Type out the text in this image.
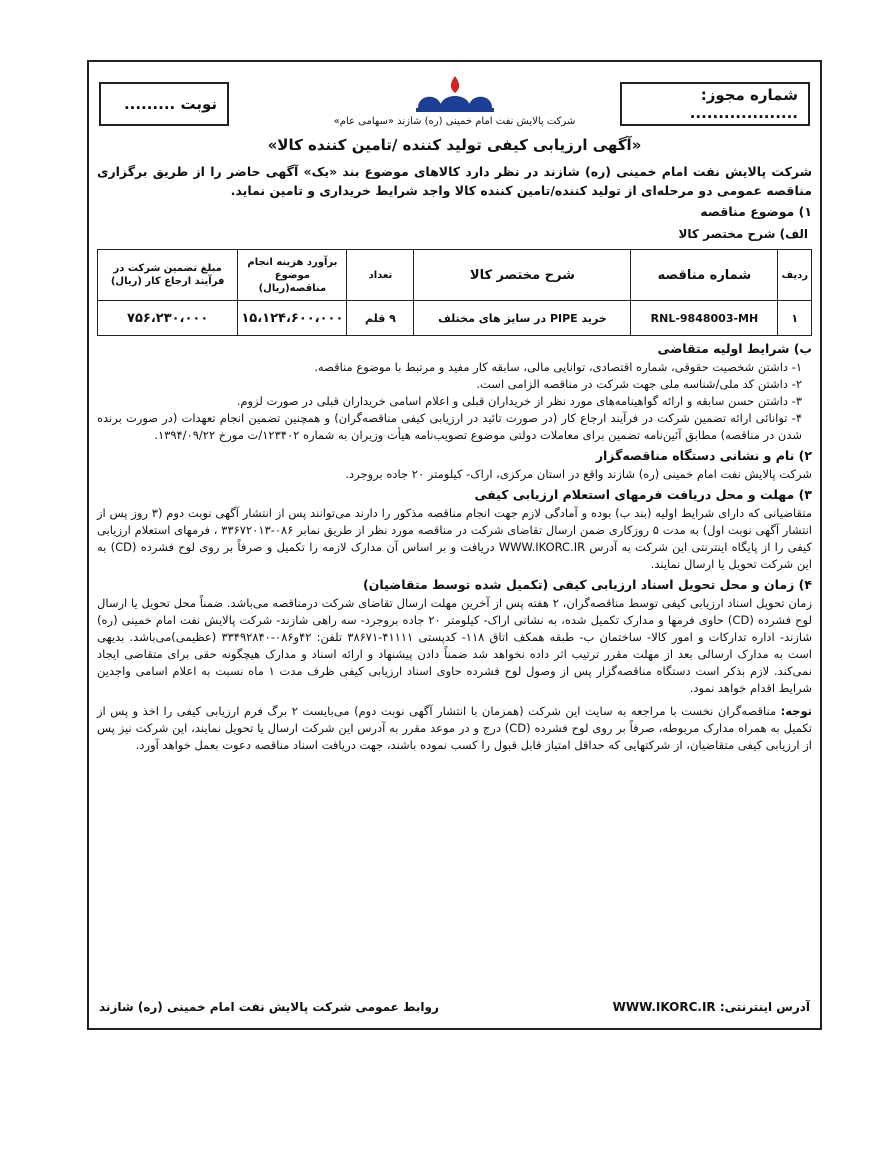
شماره مجوز: ...................
نوبت .........
شرکت پالایش نفت امام خمینی (ره) شازند «سهامی عام»
«آگهی ارزیابی کیفی تولید کننده /تامین کننده کالا»

شرکت پالایش نفت امام خمینی (ره) شازند در نظر دارد کالاهای موضوع بند «یک» آگهی حاضر را از طریق برگزاری مناقصه عمومی دو مرحله‌ای از تولید کننده/تامین کننده کالا واجد شرایط خریداری و تامین نماید.

۱) موضوع مناقصه
الف) شرح مختصر کالا
ردیف	شماره مناقصه	شرح مختصر کالا	تعداد	برآورد هزینه انجام موضوع مناقصه(ریال)	مبلغ تضمین شرکت در فرآیند ارجاع کار (ریال)
۱	RNL-9848003-MH	خرید PIPE در سایز های مختلف	۹ قلم	۱۵،۱۲۴،۶۰۰،۰۰۰	۷۵۶،۲۳۰،۰۰۰
ب) شرایط اولیه متقاضی

۱- داشتن شخصیت حقوقی، شماره اقتصادی، توانایی مالی، سابقه کار مفید و مرتبط با موضوع مناقصه.

۲- داشتن کد ملی/شناسه ملی جهت شرکت در مناقصه الزامی است.

۳- داشتن حسن سابقه و ارائه گواهینامه‌های مورد نظر از خریداران قبلی و اعلام اسامی خریداران قبلی در صورت لزوم.

۴- توانائی ارائه تضمین شرکت در فرآیند ارجاع کار (در صورت تائید در ارزیابی کیفی مناقصه‌گران) و همچنین تضمین انجام تعهدات (در صورت برنده شدن در مناقصه) مطابق آئین‌نامه تضمین برای معاملات دولتی موضوع تصویب‌نامه هیأت وزیران به شماره ۱۲۳۴۰۲/ت مورخ ۱۳۹۴/۰۹/۲۲.

۲) نام و نشانی دستگاه مناقصه‌گزار

شرکت پالایش نفت امام خمینی (ره) شازند واقع در استان مرکزی، اراک- کیلومتر ۲۰ جاده بروجرد.

۳) مهلت و محل دریافت فرمهای استعلام ارزیابی کیفی

متقاضیانی که دارای شرایط اولیه (بند ب) بوده و آمادگی لازم جهت انجام مناقصه مذکور را دارند می‌توانند پس از انتشار آگهی نوبت دوم (۳ روز پس از انتشار آگهی نوبت اول) به مدت ۵ روزکاری ضمن ارسال تقاضای شرکت در مناقصه مورد نظر از طریق نمابر ۰۸۶-۳۳۶۷۲۰۱۳ ، فرمهای استعلام ارزیابی کیفی را از پایگاه اینترنتی این شرکت به آدرس WWW.IKORC.IR دریافت و بر اساس آن مدارک لازمه را تکمیل و صرفاً بر روی لوح فشرده (CD) به این شرکت تحویل یا ارسال نمایند.

۴) زمان و محل تحویل اسناد ارزیابی کیفی (تکمیل شده توسط متقاضیان)

زمان تحویل اسناد ارزیابی کیفی توسط مناقصه‌گران، ۲ هفته پس از آخرین مهلت ارسال تقاضای شرکت درمناقصه می‌باشد. ضمناً محل تحویل یا ارسال لوح فشرده (CD) حاوی فرمها و مدارک تکمیل شده، به نشانی اراک- کیلومتر ۲۰ جاده بروجرد- سه راهی شازند- شرکت پالایش نفت امام خمینی (ره) شازند- اداره تدارکات و امور کالا- ساختمان ب- طبقه همکف اتاق ۱۱۸- کدپستی ۴۱۱۱۱-۳۸۶۷۱ تلفن: ۴۲و۰۸۶-۳۳۴۹۲۸۴۰ (عظیمی)می‌باشد. بدیهی است به مدارک ارسالی بعد از مهلت مقرر ترتیب اثر داده نخواهد شد ضمناً دادن پیشنهاد و ارائه اسناد و مدارک هیچگونه حقی برای متقاضی ایجاد نمی‌کند. لازم بذکر است دستگاه مناقصه‌گزار پس از وصول لوح فشرده حاوی اسناد ارزیابی کیفی ظرف مدت ۱ ماه نسبت به اعلام اسامی واجدین شرایط اقدام خواهد نمود.

توجه: مناقصه‌گران نخست با مراجعه به سایت این شرکت (همزمان با انتشار آگهی نوبت دوم) می‌بایست ۲ برگ فرم ارزیابی کیفی را اخذ و پس از تکمیل به همراه مدارک مربوطه، صرفاً بر روی لوح فشرده (CD) درج و در موعد مقرر به آدرس این شرکت ارسال یا تحویل نمایند، این شرکت نیز پس از ارزیابی کیفی متقاضیان، از شرکتهایی که حداقل امتیاز قابل قبول را کسب نموده باشند، جهت دریافت اسناد مناقصه دعوت بعمل خواهد آورد.

آدرس اینترنتی: WWW.IKORC.IR
روابط عمومی شرکت پالایش نفت امام خمینی (ره) شازند
